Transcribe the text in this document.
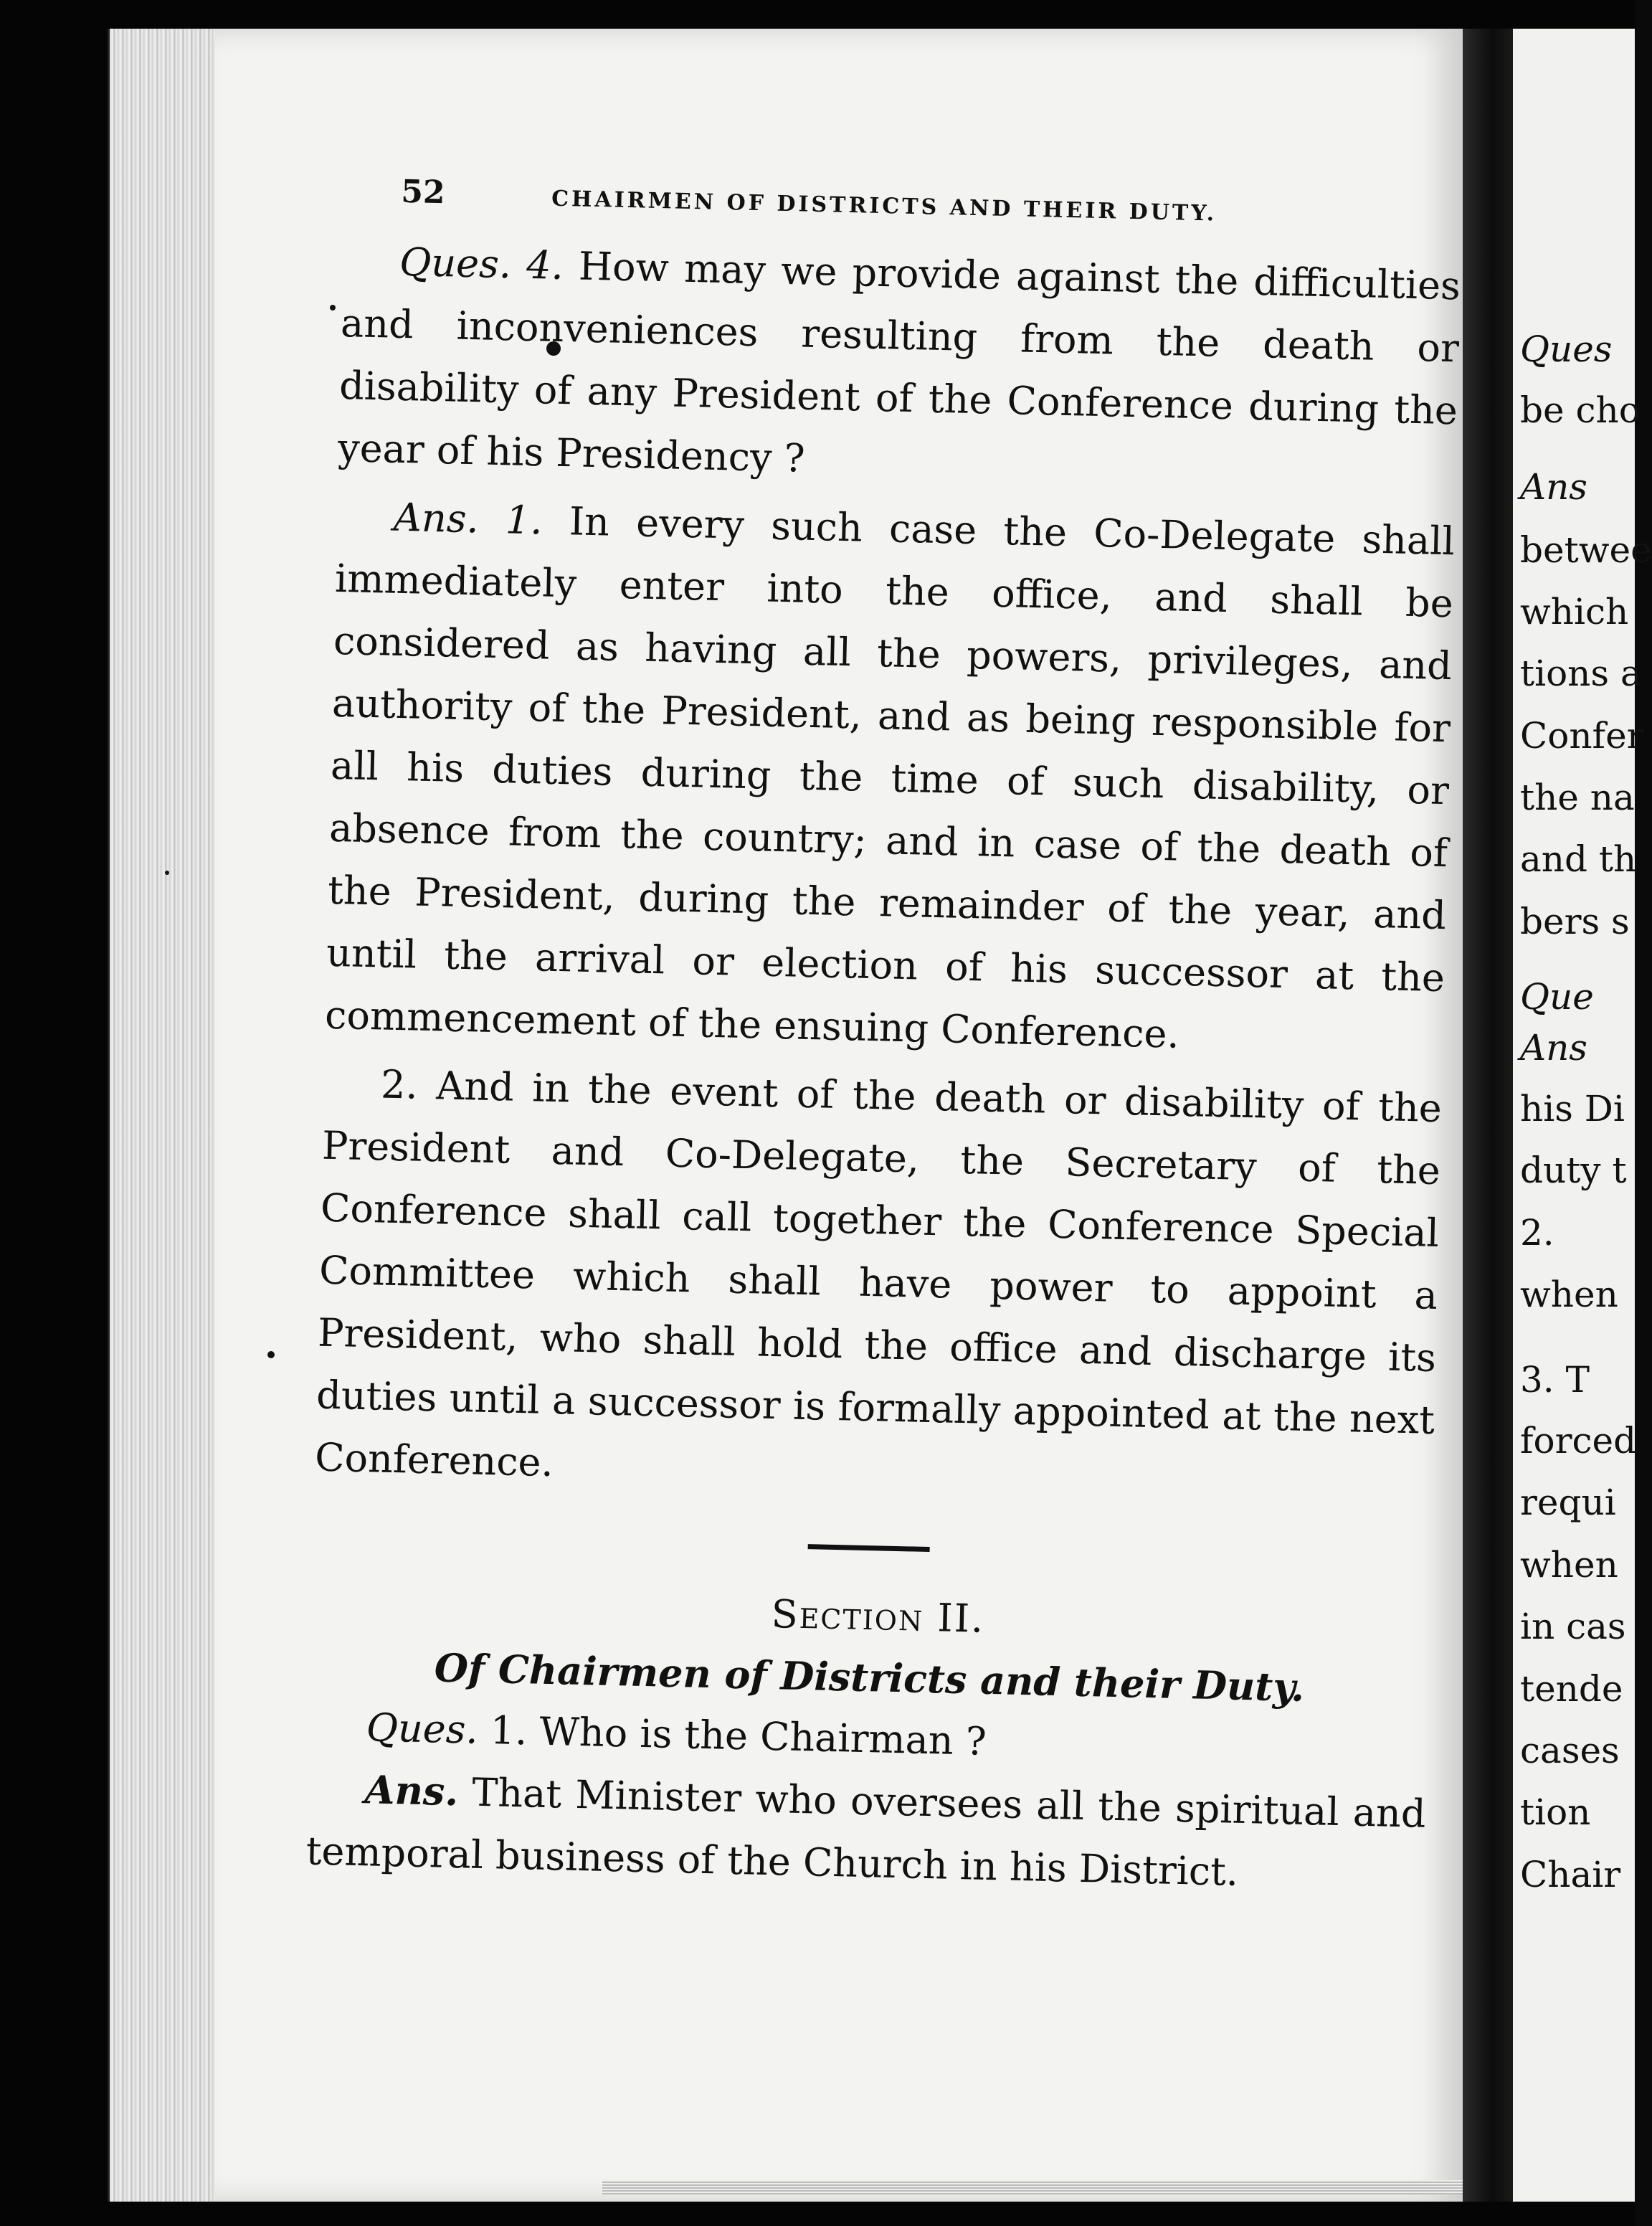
52	CHAIRMEN OF DISTRICTS AND THEIR DUTY.

Ques. 4. How may we provide against the difficulties and inconveniences resulting from the death or disability of any President of the Conference during the year of his Presidency ?

Ans. 1. In every such case the Co-Delegate shall immediately enter into the office, and shall be considered as having all the powers, privileges, and authority of the President, and as being responsible for all his duties during the time of such disability, or absence from the country; and in case of the death of the President, during the remainder of the year, and until the arrival or election of his successor at the commencement of the ensuing Conference.

2. And in the event of the death or disability of the President and Co-Delegate, the Secretary of the Conference shall call together the Conference Special Committee which shall have power to appoint a President, who shall hold the office and discharge its duties until a successor is formally appointed at the next Conference.

Section II.
Of Chairmen of Districts and their Duty.

Ques. 1. Who is the Chairman ?

Ans. That Minister who oversees all the spiritual and temporal business of the Church in his District.

Ques
be cho
Ans
betwee
which
tions a
Confer
the na
and th
bers s
Que
Ans
his Di
duty t
2.
when
3. T
forced
requi
when
in cas
tende
cases
tion
Chair
